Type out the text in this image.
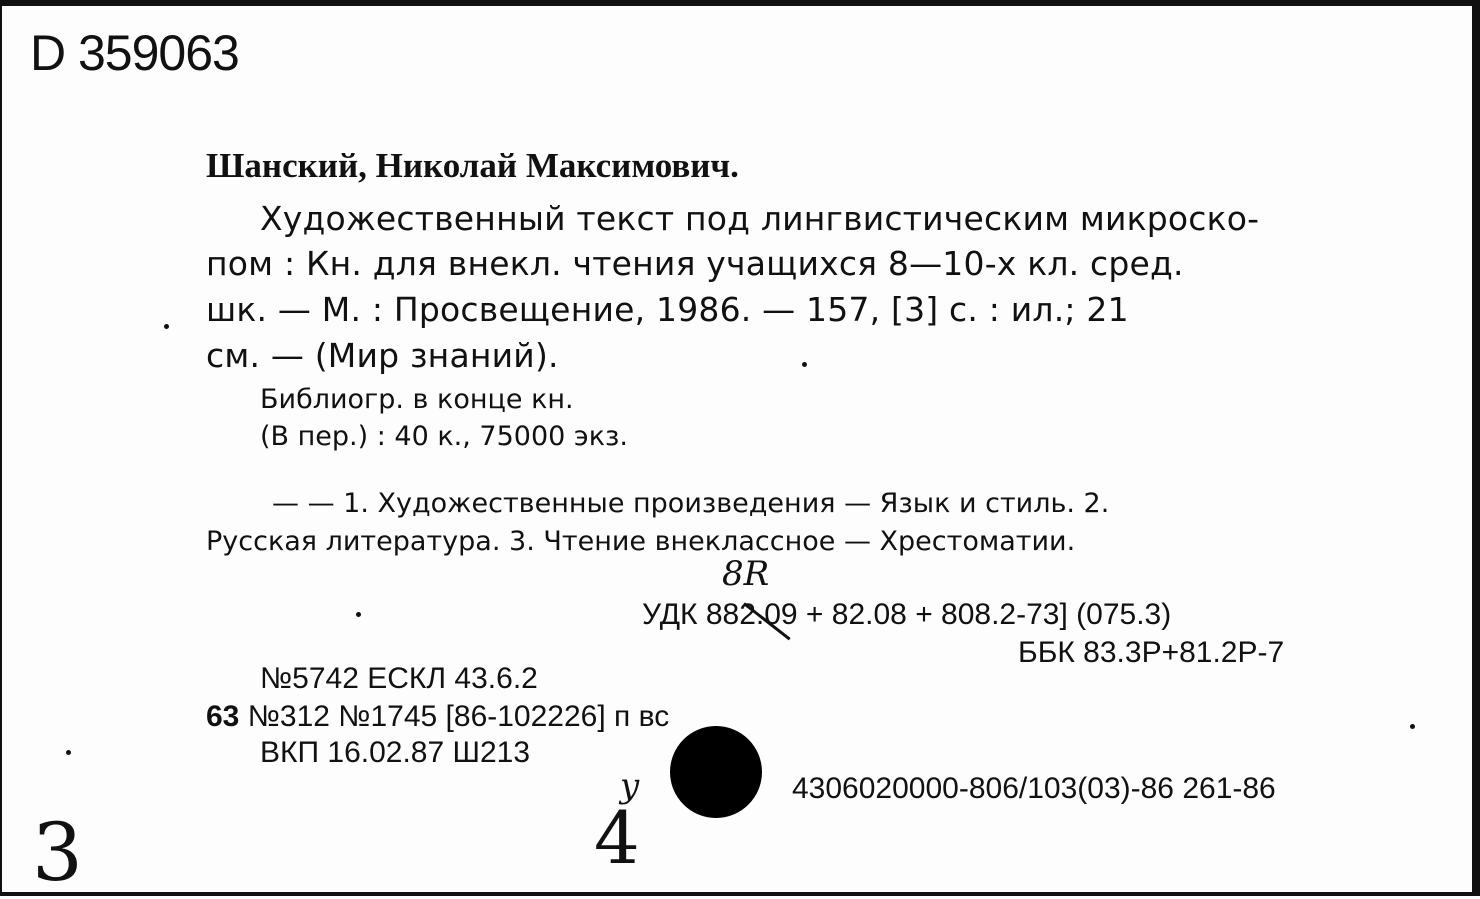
D 359063
Шанский, Николай Максимович.
Художественный текст под лингвистическим микроско-
пом : Кн. для внекл. чтения учащихся 8—10-х кл. сред.
шк. — М. : Просвещение, 1986. — 157, [3] с. : ил.; 21
см. — (Мир знаний).
Библиогр. в конце кн.
(В пер.) : 40 к., 75000 экз.
— — 1. Художественные произведения — Язык и стиль. 2.
Русская литература. 3. Чтение внеклассное — Хрестоматии.
УДК 882.09 + 82.08 + 808.2-73] (075.3)
ББК 83.3Р+81.2Р-7
№5742 ЕСКЛ 43.6.2
63 №312 №1745 [86-102226] п вс
ВКП 16.02.87 Ш213
4306020000-806/103(03)-86 261-86
8R
у
4
3
